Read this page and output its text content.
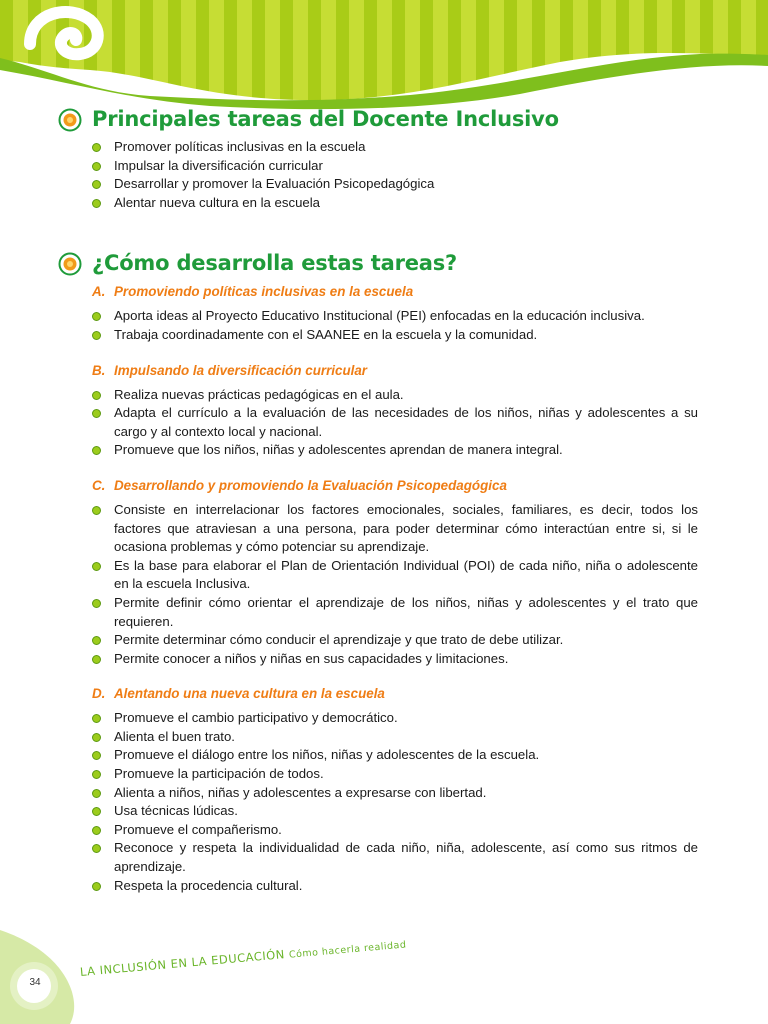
Principales tareas del Docente Inclusivo
Promover políticas inclusivas en la escuela
Impulsar la diversificación curricular
Desarrollar y promover la Evaluación Psicopedagógica
Alentar nueva cultura en la escuela
¿Cómo desarrolla estas tareas?
A. Promoviendo políticas inclusivas en la escuela
Aporta ideas al Proyecto Educativo Institucional (PEI) enfocadas en la educación inclusiva.
Trabaja coordinadamente con el SAANEE en la escuela y la comunidad.
B. Impulsando la diversificación curricular
Realiza nuevas prácticas pedagógicas en el aula.
Adapta el currículo a la evaluación de las necesidades de los niños, niñas y adolescentes a su cargo y al contexto local y nacional.
Promueve que los niños, niñas y adolescentes aprendan de manera integral.
C. Desarrollando y promoviendo la Evaluación Psicopedagógica
Consiste en interrelacionar los factores emocionales, sociales, familiares, es decir, todos los factores que atraviesan a una persona, para poder determinar cómo interactúan entre si, si le ocasiona problemas y cómo potenciar su aprendizaje.
Es la base para elaborar el Plan de Orientación Individual (POI) de cada niño, niña o adolescente en la escuela Inclusiva.
Permite definir cómo orientar el aprendizaje de los niños, niñas y adolescentes y el trato que requieren.
Permite determinar cómo conducir el aprendizaje y que trato de debe utilizar.
Permite conocer a niños y niñas en sus capacidades y limitaciones.
D. Alentando una nueva cultura en la escuela
Promueve el cambio participativo y democrático.
Alienta el buen trato.
Promueve el diálogo entre los niños, niñas y adolescentes de la escuela.
Promueve la participación de todos.
Alienta a niños, niñas y adolescentes a expresarse con libertad.
Usa técnicas lúdicas.
Promueve el compañerismo.
Reconoce y respeta la individualidad de cada niño, niña, adolescente, así como sus ritmos de aprendizaje.
Respeta la procedencia cultural.
34
LA INCLUSIÓN EN LA EDUCACIÓN Cómo hacerla realidad
